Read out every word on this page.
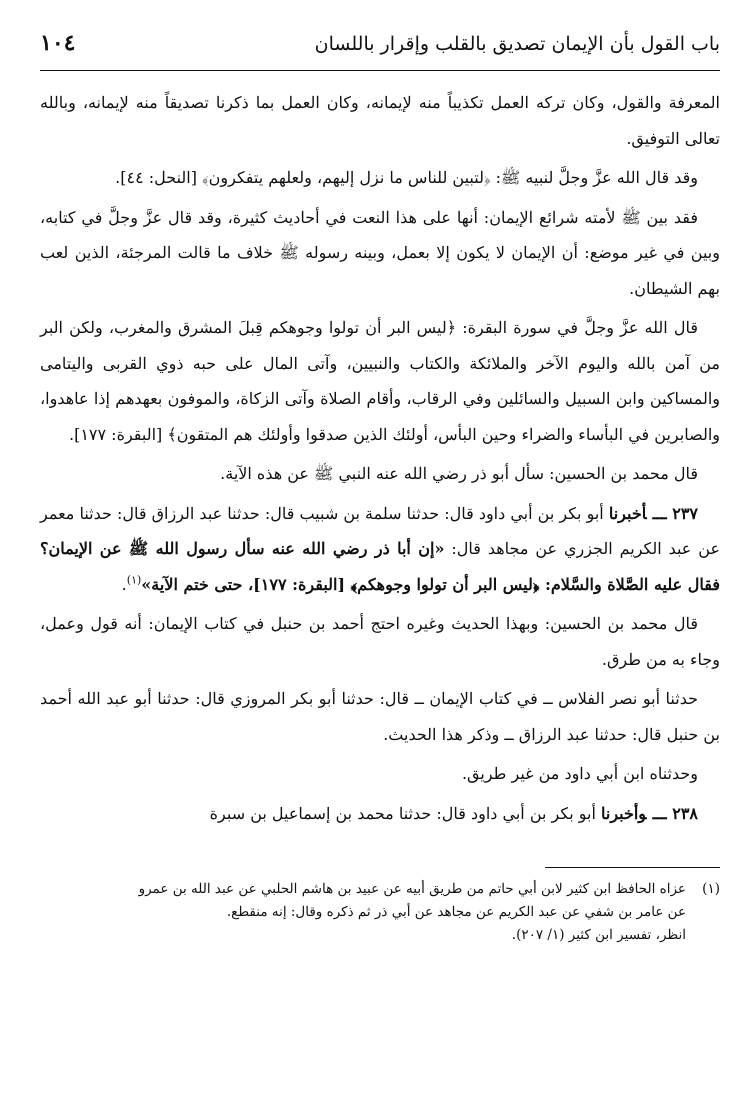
باب القول بأن الإيمان تصديق بالقلب وإقرار باللسان
١٠٤

المعرفة والقول، وكان تركه العمل تكذيباً منه لإيمانه، وكان العمل بما ذكرنا تصديقاً منه لإيمانه، وبالله تعالى التوفيق.

وقد قال الله عزَّ وجلَّ لنبيه ﷺ: ﴿لتبين للناس ما نزل إليهم، ولعلهم يتفكرون﴾ [النحل: ٤٤].

فقد بين ﷺ لأمته شرائع الإيمان: أنها على هذا النعت في أحاديث كثيرة، وقد قال عزَّ وجلَّ في كتابه، وبين في غير موضع: أن الإيمان لا يكون إلا بعمل، وبينه رسوله ﷺ خلاف ما قالت المرجئة، الذين لعب بهم الشيطان.

قال الله عزَّ وجلَّ في سورة البقرة: ﴿ليس البر أن تولوا وجوهكم قِبلَ المشرق والمغرب، ولكن البر من آمن بالله واليوم الآخر والملائكة والكتاب والنبيين، وآتى المال على حبه ذوي القربى واليتامى والمساكين وابن السبيل والسائلين وفي الرقاب، وأقام الصلاة وآتى الزكاة، والموفون بعهدهم إذا عاهدوا، والصابرين في البأساء والضراء وحين البأس، أولئك الذين صدقوا وأولئك هم المتقون﴾ [البقرة: ١٧٧].

قال محمد بن الحسين: سأل أبو ذر رضي الله عنه النبي ﷺ عن هذه الآية.

٢٣٧ ـــأخبرنا أبو بكر بن أبي داود قال: حدثنا سلمة بن شبيب قال: حدثنا عبد الرزاق قال: حدثنا معمر عن عبد الكريم الجزري عن مجاهد قال: «إن أبا ذر رضي الله عنه سأل رسول الله ﷺ عن الإيمان؟ فقال عليه الصَّلاة والسَّلام: ﴿ليس البر أن تولوا وجوهكم﴾ [البقرة: ١٧٧]، حتى ختم الآية»$^{(١)}$.

قال محمد بن الحسين: وبهذا الحديث وغيره احتج أحمد بن حنبل في كتاب الإيمان: أنه قول وعمل، وجاء به من طرق.

حدثنا أبو نصر الفلاس ــ في كتاب الإيمان ــ قال: حدثنا أبو بكر المروزي قال: حدثنا أبو عبد الله أحمد بن حنبل قال: حدثنا عبد الرزاق ــ وذكر هذا الحديث.

وحدثناه ابن أبي داود من غير طريق.

٢٣٨ ـــوأخبرنا أبو بكر بن أبي داود قال: حدثنا محمد بن إسماعيل بن سبرة

(١)
عزاه الحافظ ابن كثير لابن أبي حاتم من طريق أبيه عن عبيد بن هاشم الحلبي عن عبد الله بن عمرو
عن عامر بن شفي عن عبد الكريم عن مجاهد عن أبي ذر ثم ذكره وقال: إنه منقطع.
انظر، تفسير ابن كثير (١/ ٢٠٧).
